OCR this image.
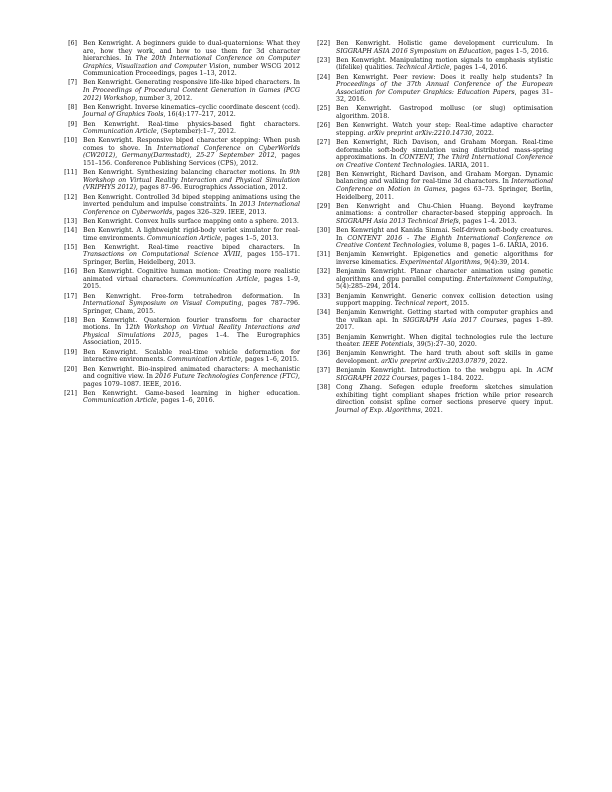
[6] Ben Kenwright. A beginners guide to dual-quaternions: What they are, how they work, and how to use them for 3d character hierarchies. In The 20th International Conference on Computer Graphics, Visualization and Computer Vision, number WSCG 2012 Communication Proceedings, pages 1–13, 2012.
[7] Ben Kenwright. Generating responsive life-like biped characters. In In Proceedings of Procedural Content Generation in Games (PCG 2012) Workshop, number 3, 2012.
[8] Ben Kenwright. Inverse kinematics–cyclic coordinate descent (ccd). Journal of Graphics Tools, 16(4):177–217, 2012.
[9] Ben Kenwright. Real-time physics-based fight characters. Communication Article, (September):1–7, 2012.
[10] Ben Kenwright. Responsive biped character stepping: When push comes to shove. In International Conference on CyberWorlds (CW2012), Germany(Darmstadt), 25-27 September 2012, pages 151–156. Conference Publishing Services (CPS), 2012.
[11] Ben Kenwright. Synthesizing balancing character motions. In 9th Workshop on Virtual Reality Interaction and Physical Simulation (VRIPHYS 2012), pages 87–96. Eurographics Association, 2012.
[12] Ben Kenwright. Controlled 3d biped stepping animations using the inverted pendulum and impulse constraints. In 2013 International Conference on Cyberworlds, pages 326–329. IEEE, 2013.
[13] Ben Kenwright. Convex hulls surface mapping onto a sphere. 2013.
[14] Ben Kenwright. A lightweight rigid-body verlet simulator for real-time environments. Communication Article, pages 1–5, 2013.
[15] Ben Kenwright. Real-time reactive biped characters. In Transactions on Computational Science XVIII, pages 155–171. Springer, Berlin, Heidelberg, 2013.
[16] Ben Kenwright. Cognitive human motion: Creating more realistic animated virtual characters. Communication Article, pages 1–9, 2015.
[17] Ben Kenwright. Free-form tetrahedron deformation. In International Symposium on Visual Computing, pages 787–796. Springer, Cham, 2015.
[18] Ben Kenwright. Quaternion fourier transform for character motions. In 12th Workshop on Virtual Reality Interactions and Physical Simulations 2015, pages 1–4. The Eurographics Association, 2015.
[19] Ben Kenwright. Scalable real-time vehicle deformation for interactive environments. Communication Article, pages 1–6, 2015.
[20] Ben Kenwright. Bio-inspired animated characters: A mechanistic and cognitive view. In 2016 Future Technologies Conference (FTC), pages 1079–1087. IEEE, 2016.
[21] Ben Kenwright. Game-based learning in higher education. Communication Article, pages 1–6, 2016.
[22] Ben Kenwright. Holistic game development curriculum. In SIGGRAPH ASIA 2016 Symposium on Education, pages 1–5, 2016.
[23] Ben Kenwright. Manipulating motion signals to emphasis stylistic (lifelike) qualities. Technical Article, pages 1–4, 2016.
[24] Ben Kenwright. Peer review: Does it really help students? In Proceedings of the 37th Annual Conference of the European Association for Computer Graphics: Education Papers, pages 31–32, 2016.
[25] Ben Kenwright. Gastropod mollusc (or slug) optimisation algorithm. 2018.
[26] Ben Kenwright. Watch your step: Real-time adaptive character stepping. arXiv preprint arXiv:2210.14730, 2022.
[27] Ben Kenwright, Rich Davison, and Graham Morgan. Real-time deformable soft-body simulation using distributed mass-spring approximations. In CONTENT, The Third International Conference on Creative Content Technologies. IARIA, 2011.
[28] Ben Kenwright, Richard Davison, and Graham Morgan. Dynamic balancing and walking for real-time 3d characters. In International Conference on Motion in Games, pages 63–73. Springer, Berlin, Heidelberg, 2011.
[29] Ben Kenwright and Chu-Chien Huang. Beyond keyframe animations: a controller character-based stepping approach. In SIGGRAPH Asia 2013 Technical Briefs, pages 1–4. 2013.
[30] Ben Kenwright and Kanida Sinmai. Self-driven soft-body creatures. In CONTENT 2016 - The Eighth International Conference on Creative Content Technologies, volume 8, pages 1–6. IARIA, 2016.
[31] Benjamin Kenwright. Epigenetics and genetic algorithms for inverse kinematics. Experimental Algorithms, 9(4):39, 2014.
[32] Benjamin Kenwright. Planar character animation using genetic algorithms and gpu parallel computing. Entertainment Computing, 5(4):285–294, 2014.
[33] Benjamin Kenwright. Generic convex collision detection using support mapping. Technical report, 2015.
[34] Benjamin Kenwright. Getting started with computer graphics and the vulkan api. In SIGGRAPH Asia 2017 Courses, pages 1–89. 2017.
[35] Benjamin Kenwright. When digital technologies rule the lecture theater. IEEE Potentials, 39(5):27–30, 2020.
[36] Benjamin Kenwright. The hard truth about soft skills in game development. arXiv preprint arXiv:2203.07879, 2022.
[37] Benjamin Kenwright. Introduction to the webgpu api. In ACM SIGGRAPH 2022 Courses, pages 1–184. 2022.
[38] Cong Zhang. Sefegen eduple freeform sketches simulation exhibiting tight compliant shapes friction while prior research direction consist spline corner sections preserve query input. Journal of Exp. Algorithms, 2021.
